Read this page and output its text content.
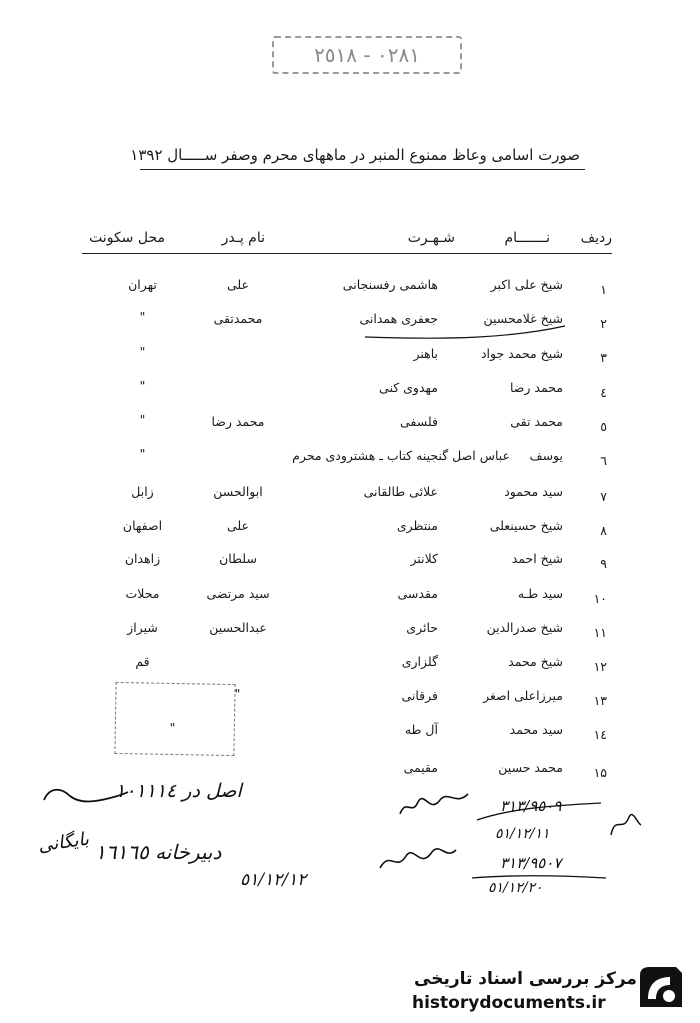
٠٢٨١ - ٢٥١٨
صورت اسامی وعاظ ممنوع المنبر در ماههای محرم وصفر ســـــال ۱۳۹۲
ردیف
نـــــــام
شـهـرت
نام پـدر
محل سکونت
۱
شیخ علی اکبر
هاشمی رفسنجانی
علی
تهران
۲
شیخ غلامحسین
جعفری همدانی
محمدتقی
"
۳
شیخ محمد جواد
باهنر
"
٤
محمد رضا
مهدوی کنی
"
٥
محمد تقی
فلسفی
محمد رضا
"
٦
یوسف
عباس اصل گنجینه کتاب ـ هشترودی محرم
"
۷
سید محمود
علائی طالقانی
ابوالحسن
زابل
۸
شیخ حسینعلی
منتظری
علی
اصفهان
۹
شیخ احمد
کلانتر
سلطان
زاهدان
۱۰
سید طـه
مقدسی
سید مرتضی
محلات
۱۱
شیخ صدرالدین
حائری
عبدالحسین
شیراز
۱۲
شیخ محمد
گلزاری
قم
۱۳
میرزاعلی اصغر
فرقانی
"
۱٤
سید محمد
آل طه
"
۱۵
محمد حسین
مقیمی
اصل در ١٠١١١٤
دبیرخانه ١٦١٦٥
بایگانی
٥١/١٢/١٢
٣١٣/٩٥٠٩
٥١/١٢/١١
٣١٣/٩٥٠٧
٥١/١٢/٢٠
مرکز بررسی اسناد تاریخی
historydocuments.ir
